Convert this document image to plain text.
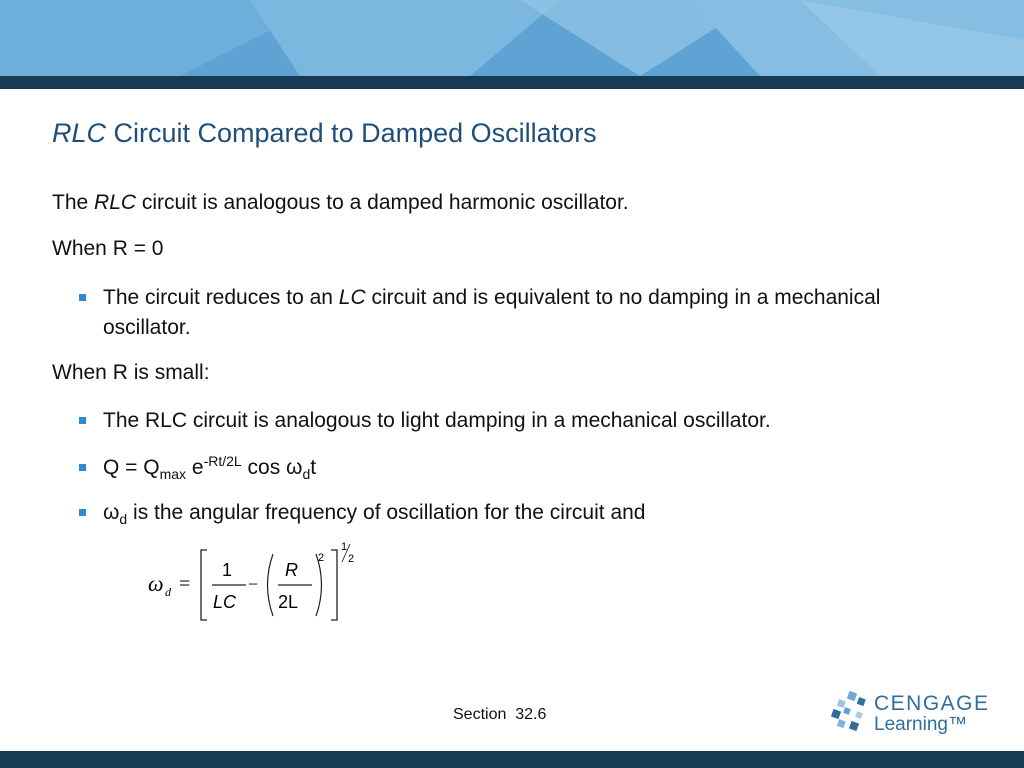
RLC Circuit Compared to Damped Oscillators

The RLC circuit is analogous to a damped harmonic oscillator.

When R = 0

The circuit reduces to an LC circuit and is equivalent to no damping in a mechanical oscillator.

When R is small:

The RLC circuit is analogous to light damping in a mechanical oscillator.
$Q = Q_{max}$ $e^{-Rt/2L}$ $\cos \omega_dt$
$\omega_d$ is the angular frequency of oscillation for the circuit and
ω d =
1
LC
−
R
2L
2
1
2
Section  32.6	CENGAGE
Learning™
